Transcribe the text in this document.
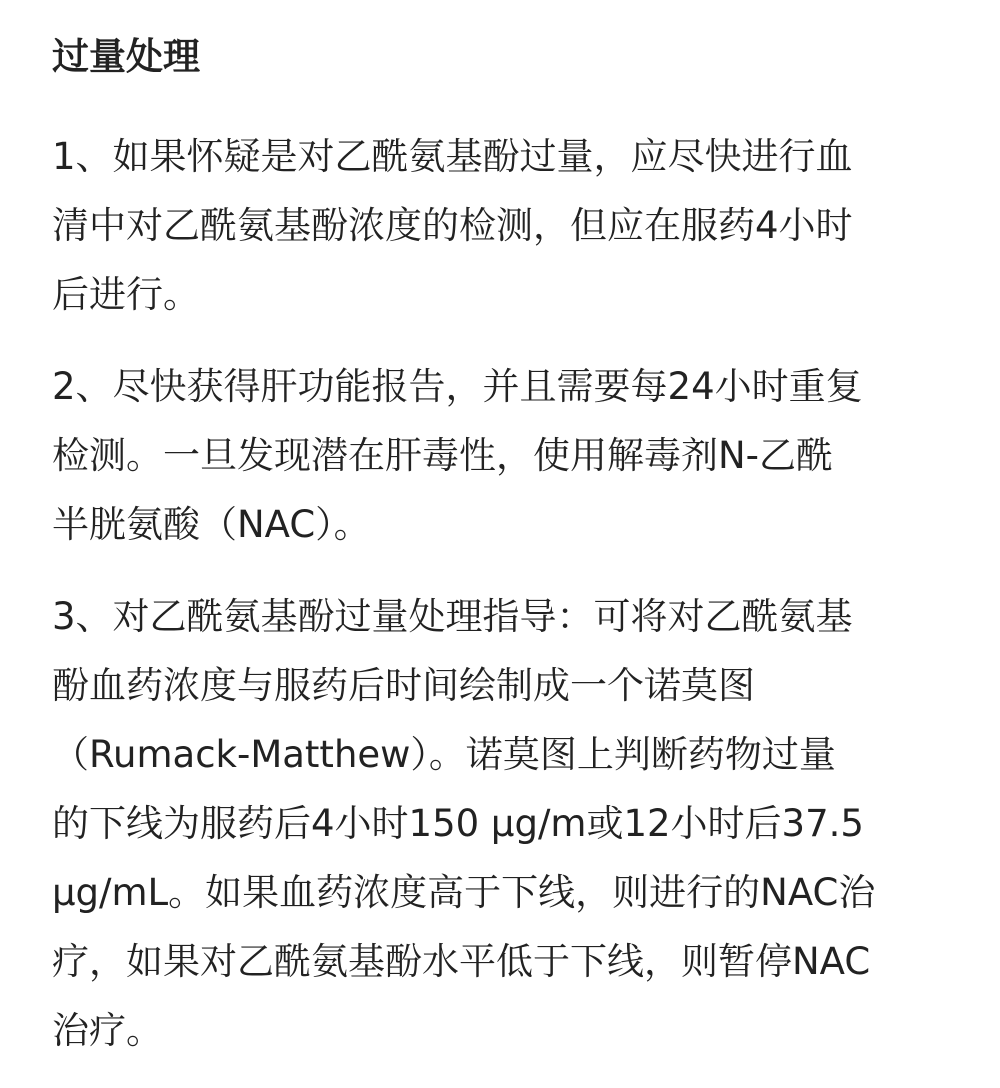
过量处理
1、如果怀疑是对乙酰氨基酚过量，应尽快进行血
清中对乙酰氨基酚浓度的检测，但应在服药4小时
后进行。
2、尽快获得肝功能报告，并且需要每24小时重复
检测。一旦发现潜在肝毒性，使用解毒剂N-乙酰
半胱氨酸（NAC）。
3、对乙酰氨基酚过量处理指导：可将对乙酰氨基
酚血药浓度与服药后时间绘制成一个诺莫图
（Rumack-Matthew）。诺莫图上判断药物过量
的下线为服药后4小时150 μg/m或12小时后37.5
μg/mL。如果血药浓度高于下线，则进行的NAC治
疗，如果对乙酰氨基酚水平低于下线，则暂停NAC
治疗。
